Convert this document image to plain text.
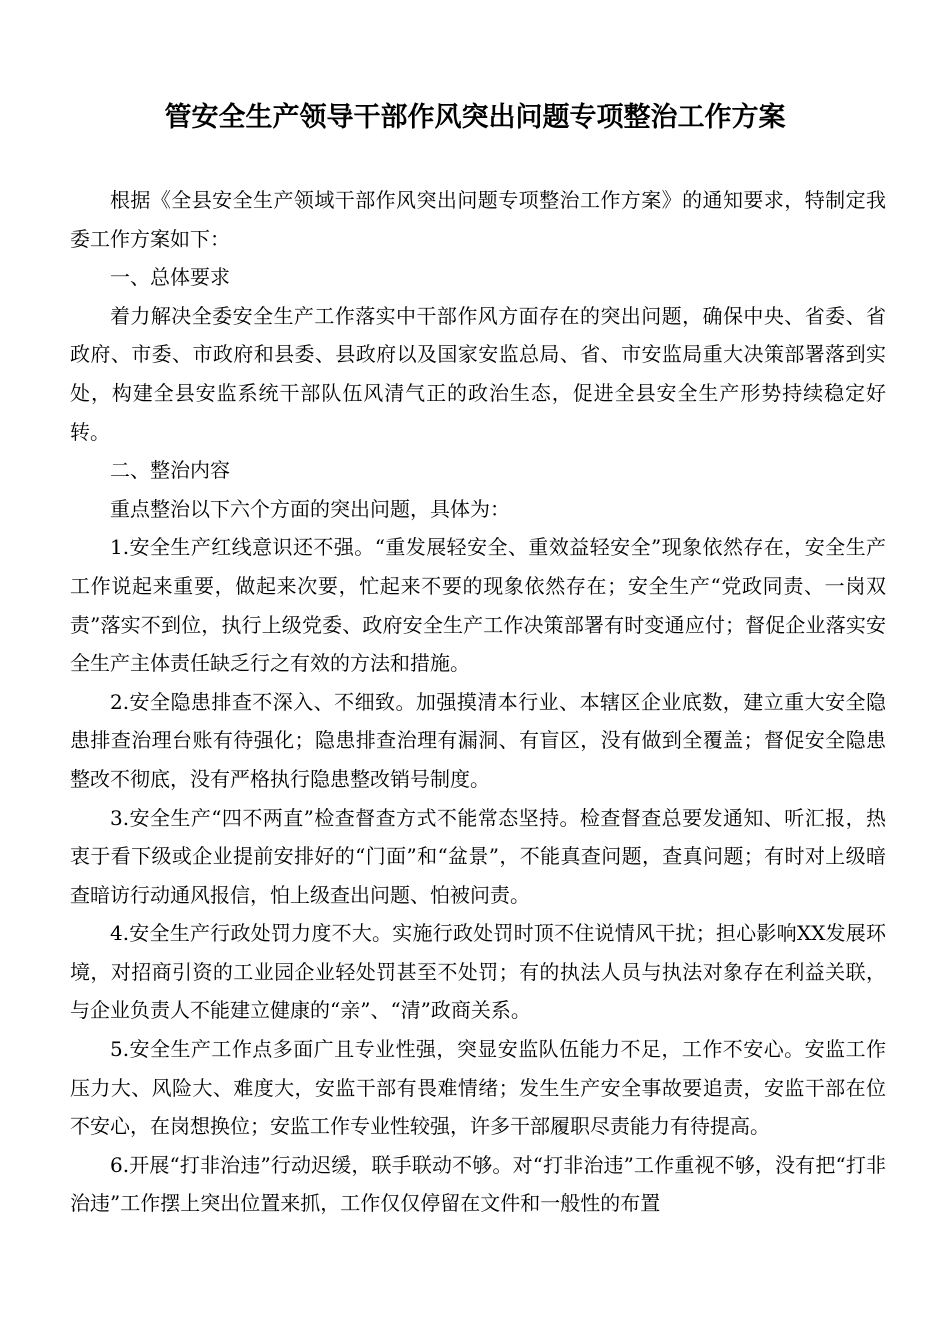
管安全生产领导干部作风突出问题专项整治工作方案

根据《全县安全生产领域干部作风突出问题专项整治工作方案》的通知要求，特制定我委工作方案如下：

一、总体要求

着力解决全委安全生产工作落实中干部作风方面存在的突出问题，确保中央、省委、省政府、市委、市政府和县委、县政府以及国家安监总局、省、市安监局重大决策部署落到实处，构建全县安监系统干部队伍风清气正的政治生态，促进全县安全生产形势持续稳定好转。

二、整治内容

重点整治以下六个方面的突出问题，具体为：

1.安全生产红线意识还不强。“重发展轻安全、重效益轻安全”现象依然存在，安全生产工作说起来重要，做起来次要，忙起来不要的现象依然存在；安全生产“党政同责、一岗双责”落实不到位，执行上级党委、政府安全生产工作决策部署有时变通应付；督促企业落实安全生产主体责任缺乏行之有效的方法和措施。

2.安全隐患排查不深入、不细致。加强摸清本行业、本辖区企业底数，建立重大安全隐患排查治理台账有待强化；隐患排查治理有漏洞、有盲区，没有做到全覆盖；督促安全隐患整改不彻底，没有严格执行隐患整改销号制度。

3.安全生产“四不两直”检查督查方式不能常态坚持。检查督查总要发通知、听汇报，热衷于看下级或企业提前安排好的“门面”和“盆景”，不能真查问题，查真问题；有时对上级暗查暗访行动通风报信，怕上级查出问题、怕被问责。

4.安全生产行政处罚力度不大。实施行政处罚时顶不住说情风干扰；担心影响XX发展环境，对招商引资的工业园企业轻处罚甚至不处罚；有的执法人员与执法对象存在利益关联，与企业负责人不能建立健康的“亲”、“清”政商关系。

5.安全生产工作点多面广且专业性强，突显安监队伍能力不足，工作不安心。安监工作压力大、风险大、难度大，安监干部有畏难情绪；发生生产安全事故要追责，安监干部在位不安心，在岗想换位；安监工作专业性较强，许多干部履职尽责能力有待提高。

6.开展“打非治违”行动迟缓，联手联动不够。对“打非治违”工作重视不够，没有把“打非治违”工作摆上突出位置来抓，工作仅仅停留在文件和一般性的布置
